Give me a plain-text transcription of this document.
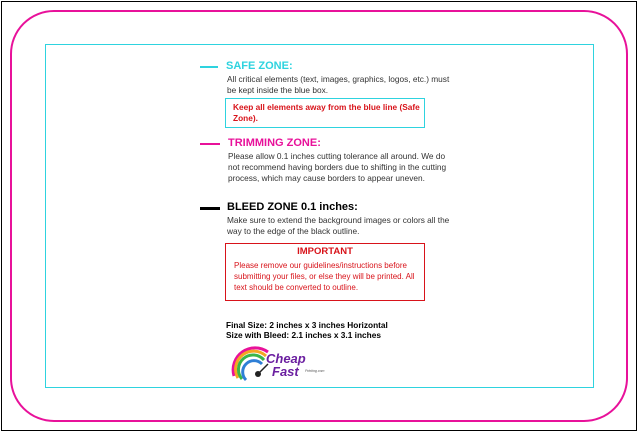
SAFE ZONE:
All critical elements (text, images, graphics, logos, etc.) must be kept inside the blue box.
Keep all elements away from the blue line (Safe Zone).
TRIMMING ZONE:
Please allow 0.1 inches cutting tolerance all around. We do not recommend having borders due to shifting in the cutting process, which may cause borders to appear uneven.
BLEED ZONE 0.1 inches:
Make sure to extend the background images or colors all the way to the edge of the black outline.
IMPORTANT
Please remove our guidelines/instructions before submitting your files, or else they will be printed. All text should be converted to outline.
Final Size: 2 inches x 3 inches Horizontal
Size with Bleed: 2.1 inches x 3.1 inches
Cheap
Fast Printing.com
